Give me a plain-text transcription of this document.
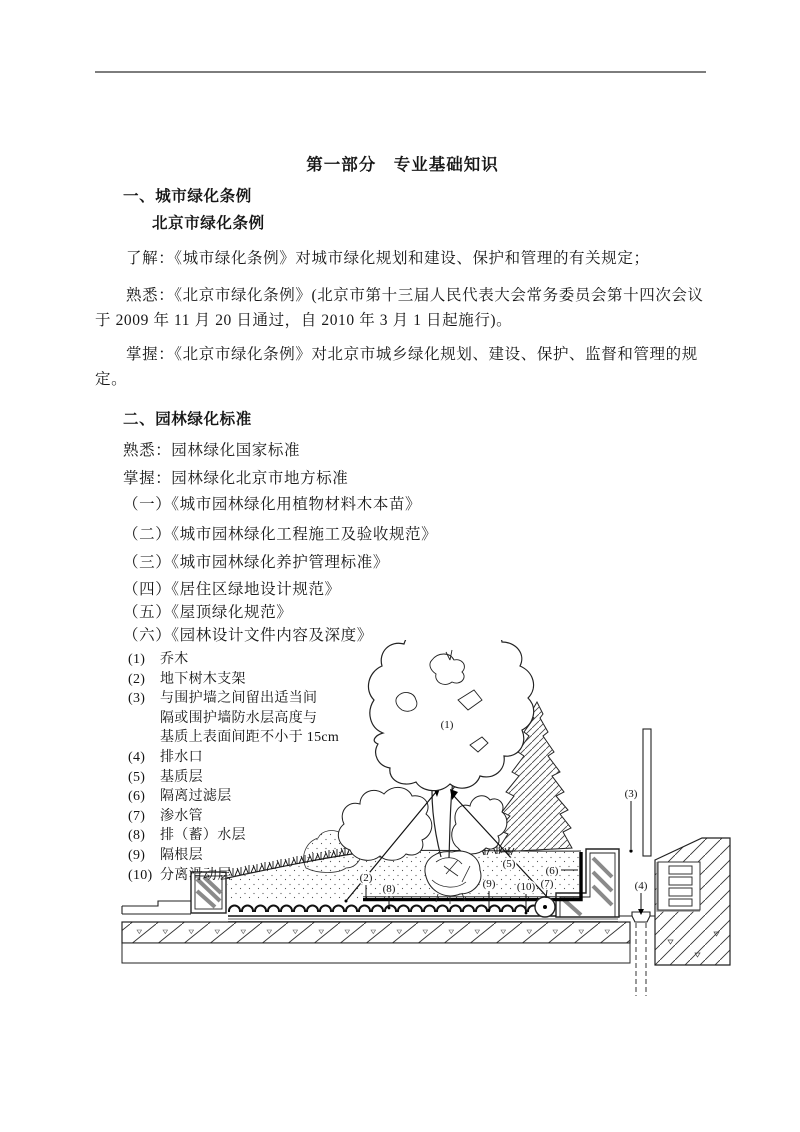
第一部分　专业基础知识
一、城市绿化条例
北京市绿化条例

了解：《城市绿化条例》对城市绿化规划和建设、保护和管理的有关规定；

熟悉：《北京市绿化条例》(北京市第十三届人民代表大会常务委员会第十四次会议于 2009 年 11 月 20 日通过，自 2010 年 3 月 1 日起施行)。

掌握：《北京市绿化条例》对北京市城乡绿化规划、建设、保护、监督和管理的规定。

二、园林绿化标准
熟悉：园林绿化国家标准
掌握：园林绿化北京市地方标准
（一）《城市园林绿化用植物材料木本苗》
（二）《城市园林绿化工程施工及验收规范》
（三）《城市园林绿化养护管理标准》
（四）《居住区绿地设计规范》
（五）《屋顶绿化规范》
（六）《园林设计文件内容及深度》
(1)
(2)
(3)
(4)
(5)
(6)
(7)
(8)	(9) (10)
(1)	乔木
(2)	地下树木支架
(3)	与围护墙之间留出适当间
隔或围护墙防水层高度与
基质上表面间距不小于 15cm
(4)	排水口
(5)	基质层
(6)	隔离过滤层
(7)	渗水管
(8)	排（蓄）水层
(9)	隔根层
(10) 分离滑动层
